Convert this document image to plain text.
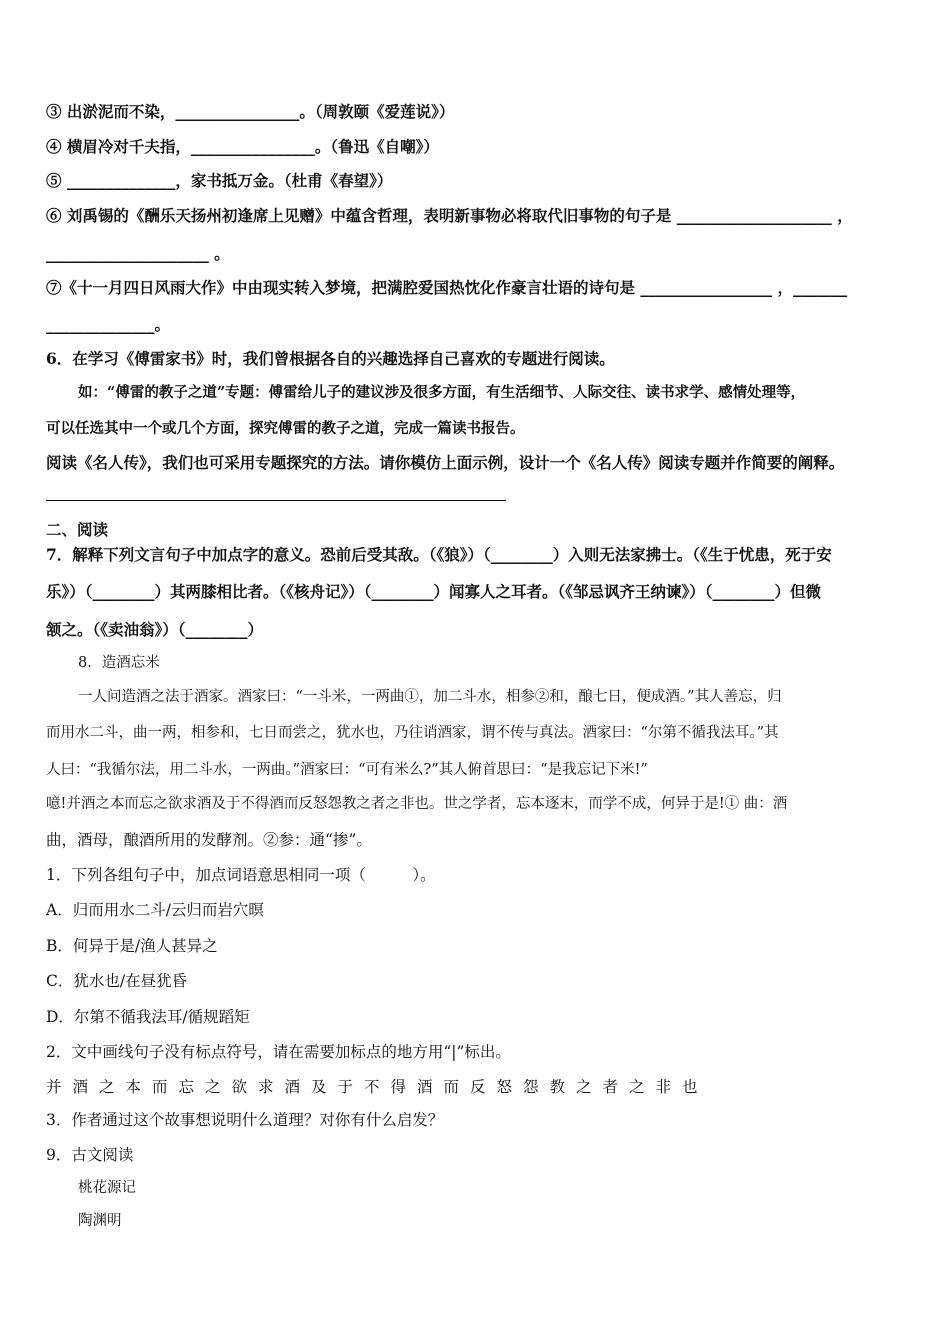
③ 出淤泥而不染，________________。（周敦颐《爱莲说》）
④ 横眉冷对千夫指，________________。（鲁迅《自嘲》）
⑤ ______________，家书抵万金。（杜甫《春望》）
⑥ 刘禹锡的《酬乐天扬州初逢席上见赠》中蕴含哲理，表明新事物必将取代旧事物的句子是 ____________________ ，
_____________________ 。
⑦《十一月四日风雨大作》中由现实转入梦境，把满腔爱国热忱化作豪言壮语的诗句是 _________________ ，_______
______________。
6．在学习《傅雷家书》时，我们曾根据各自的兴趣选择自己喜欢的专题进行阅读。
如：“傅雷的教子之道”专题：傅雷给儿子的建议涉及很多方面，有生活细节、人际交往、读书求学、感情处理等，
可以任选其中一个或几个方面，探究傅雷的教子之道，完成一篇读书报告。
阅读《名人传》，我们也可采用专题探究的方法。请你模仿上面示例，设计一个《名人传》阅读专题并作简要的阐释。
二、阅读
7．解释下列文言句子中加点字的意义。恐前后受其敌。（《狼》）（________）入则无法家拂士。（《生于忧患，死于安
乐》）（________）其两膝相比者。（《核舟记》）（________）闻寡人之耳者。（《邹忌讽齐王纳谏》）（________）但微
颔之。（《卖油翁》）（________）
8．造酒忘米
一人问造酒之法于酒家。酒家曰：“一斗米，一两曲①，加二斗水，相参②和，酿七日，便成酒。”其人善忘，归
而用水二斗，曲一两，相参和，七日而尝之，犹水也，乃往诮酒家，谓不传与真法。酒家曰：“尔第不循我法耳。”其
人曰：“我循尔法，用二斗水，一两曲。”酒家曰：“可有米么?”其人俯首思曰：“是我忘记下米!”
噫!并酒之本而忘之欲求酒及于不得酒而反怒怨教之者之非也。世之学者，忘本逐末，而学不成，何异于是!① 曲：酒
曲，酒母，酿酒所用的发酵剂。②参：通“掺”。
1．下列各组句子中，加点词语意思相同一项（　　　）。
A．归而用水二斗/云归而岩穴暝
B．何异于是/渔人甚异之
C．犹水也/在昼犹昏
D．尔第不循我法耳/循规蹈矩
2．文中画线句子没有标点符号，请在需要加标点的地方用“|”标出。
并酒之本而忘之欲求酒及于不得酒而反怒怨教之者之非也
3．作者通过这个故事想说明什么道理？对你有什么启发？
9．古文阅读
桃花源记
陶渊明
